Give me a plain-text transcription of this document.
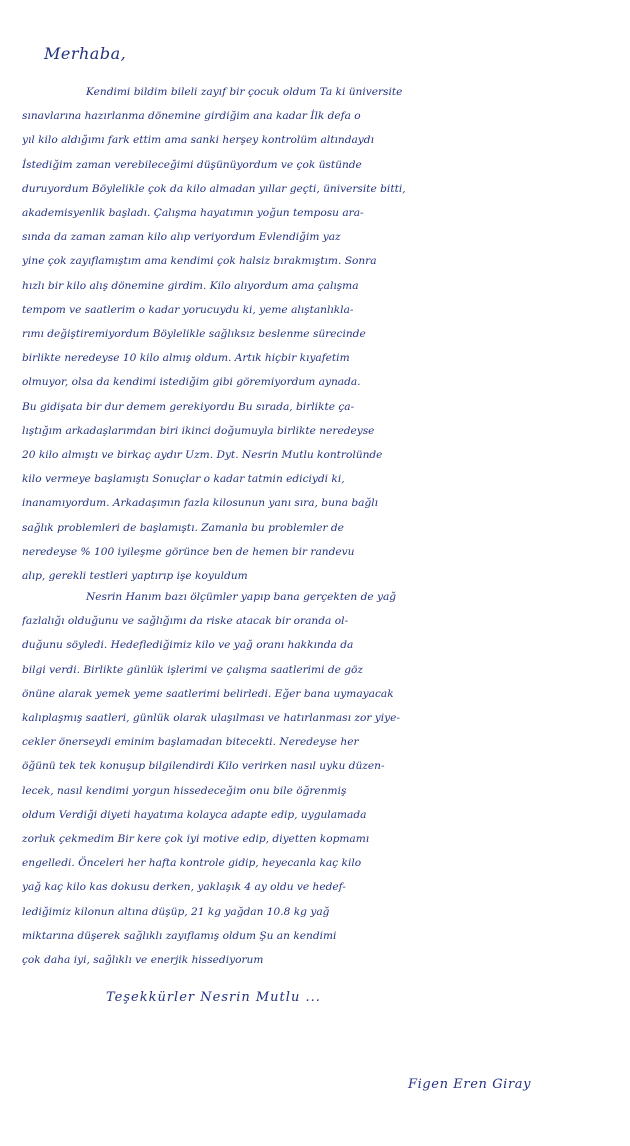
Merhaba,

Kendimi bildim bileli zayıf bir çocuk oldum Ta ki üniversite
sınavlarına hazırlanma dönemine girdiğim ana kadar İlk defa o
yıl kilo aldığımı fark ettim ama sanki herşey kontrolüm altındaydı
İstediğim zaman verebileceğimi düşünüyordum ve çok üstünde
duruyordum Böylelikle çok da kilo almadan yıllar geçti, üniversite bitti,
akademisyenlik başladı. Çalışma hayatımın yoğun temposu ara-
sında da zaman zaman kilo alıp veriyordum Evlendiğim yaz
yine çok zayıflamıştım ama kendimi çok halsiz bırakmıştım. Sonra
hızlı bir kilo alış dönemine girdim. Kilo alıyordum ama çalışma
tempom ve saatlerim o kadar yorucuydu ki, yeme alıştanlıkla-
rımı değiştiremiyordum Böylelikle sağlıksız beslenme sürecinde
birlikte neredeyse 10 kilo almış oldum. Artık hiçbir kıyafetim
olmuyor, olsa da kendimi istediğim gibi göremiyordum aynada.
Bu gidişata bir dur demem gerekiyordu Bu sırada, birlikte ça-
lıştığım arkadaşlarımdan biri ikinci doğumuyla birlikte neredeyse
20 kilo almıştı ve birkaç aydır Uzm. Dyt. Nesrin Mutlu kontrolünde
kilo vermeye başlamıştı Sonuçlar o kadar tatmin ediciydi ki,
inanamıyordum. Arkadaşımın fazla kilosunun yanı sıra, buna bağlı
sağlık problemleri de başlamıştı. Zamanla bu problemler de
neredeyse % 100 iyileşme görünce ben de hemen bir randevu
alıp, gerekli testleri yaptırıp işe koyuldum
Nesrin Hanım bazı ölçümler yapıp bana gerçekten de yağ
fazlalığı olduğunu ve sağlığımı da riske atacak bir oranda ol-
duğunu söyledi. Hedeflediğimiz kilo ve yağ oranı hakkında da
bilgi verdi. Birlikte günlük işlerimi ve çalışma saatlerimi de göz
önüne alarak yemek yeme saatlerimi belirledi. Eğer bana uymayacak
kalıplaşmış saatleri, günlük olarak ulaşılması ve hatırlanması zor yiye-
cekler önerseydi eminim başlamadan bitecekti. Neredeyse her
öğünü tek tek konuşup bilgilendirdi Kilo verirken nasıl uyku düzen-
lecek, nasıl kendimi yorgun hissedeceğim onu bile öğrenmiş
oldum Verdiği diyeti hayatıma kolayca adapte edip, uygulamada
zorluk çekmedim Bir kere çok iyi motive edip, diyetten kopmamı
engelledi. Önceleri her hafta kontrole gidip, heyecanla kaç kilo
yağ kaç kilo kas dokusu derken, yaklaşık 4 ay oldu ve hedef-
lediğimiz kilonun altına düşüp, 21 kg yağdan 10.8 kg yağ
miktarına düşerek sağlıklı zayıflamış oldum Şu an kendimi
çok daha iyi, sağlıklı ve enerjik hissediyorum

Teşekkürler Nesrin Mutlu ...

Figen Eren Giray
